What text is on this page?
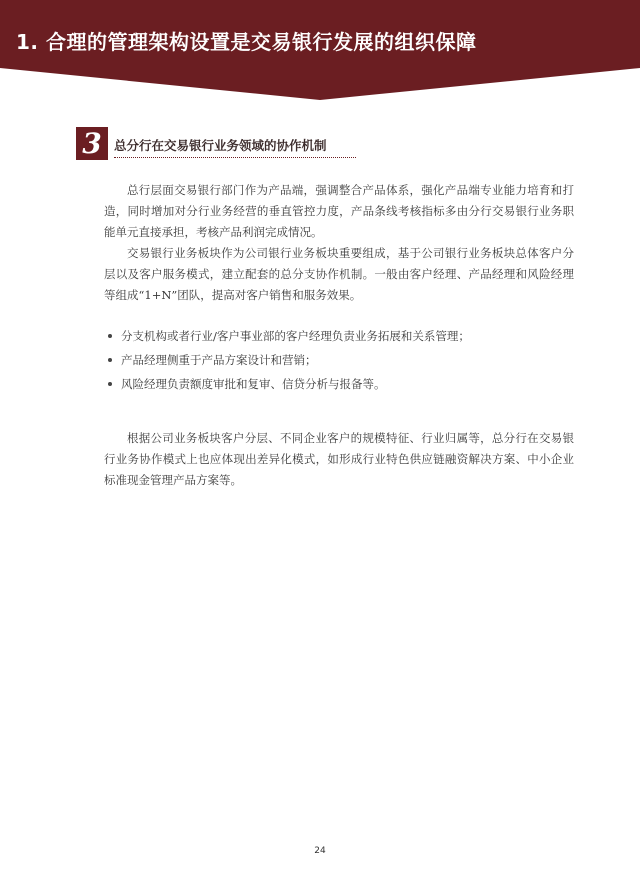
1. 合理的管理架构设置是交易银行发展的组织保障
3 总分行在交易银行业务领域的协作机制

总行层面交易银行部门作为产品端，强调整合产品体系，强化产品端专业能力培育和打造，同时增加对分行业务经营的垂直管控力度，产品条线考核指标多由分行交易银行业务职能单元直接承担，考核产品利润完成情况。

交易银行业务板块作为公司银行业务板块重要组成，基于公司银行业务板块总体客户分层以及客户服务模式，建立配套的总分支协作机制。一般由客户经理、产品经理和风险经理等组成“1+N”团队，提高对客户销售和服务效果。

分支机构或者行业/客户事业部的客户经理负责业务拓展和关系管理；
产品经理侧重于产品方案设计和营销；
风险经理负责额度审批和复审、信贷分析与报备等。

根据公司业务板块客户分层、不同企业客户的规模特征、行业归属等，总分行在交易银行业务协作模式上也应体现出差异化模式，如形成行业特色供应链融资解决方案、中小企业标准现金管理产品方案等。

24
